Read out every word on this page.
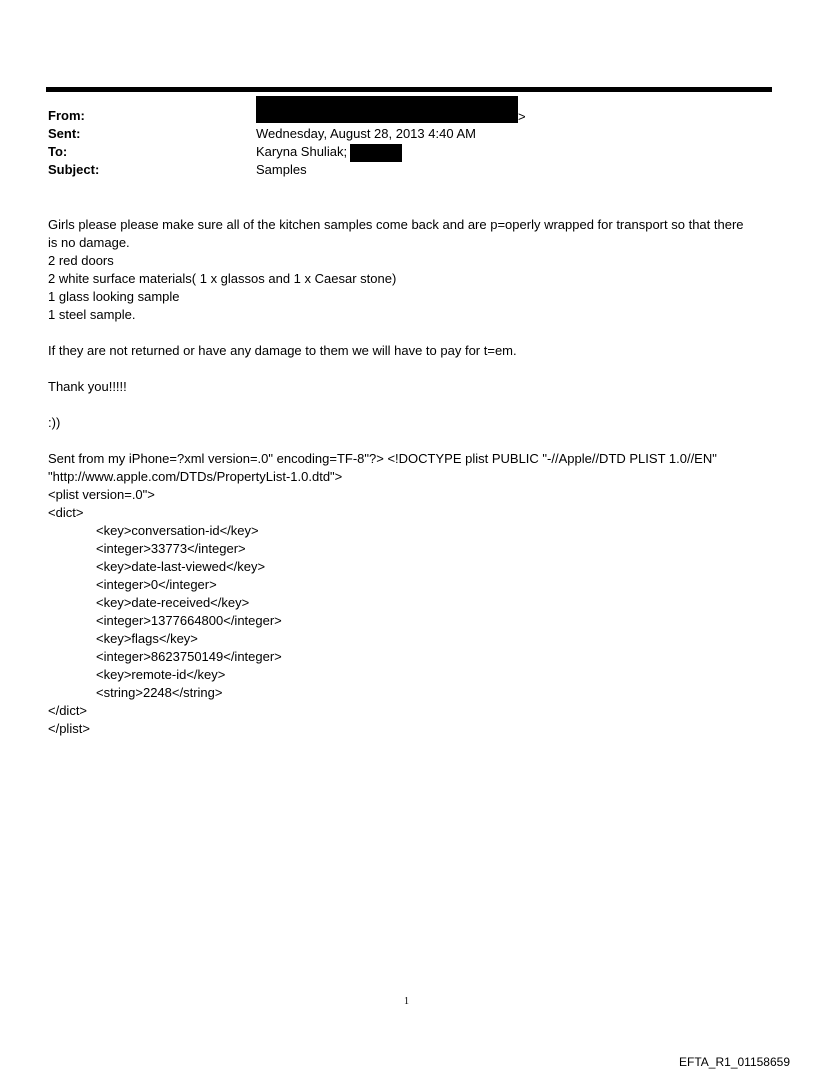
From:	>
Sent:	Wednesday, August 28, 2013 4:40 AM
To:	Karyna Shuliak;
Subject:	Samples

Girls please please make sure all of the kitchen samples come back and are p=operly wrapped for transport so that there

is no damage.

2 red doors

2 white surface materials( 1 x glassos and 1 x Caesar stone)

1 glass looking sample

1 steel sample.

If they are not returned or have any damage to them we will have to pay for t=em.

Thank you!!!!!

:))

Sent from my iPhone=?xml version=.0" encoding=TF-8"?> <!DOCTYPE plist PUBLIC "-//Apple//DTD PLIST 1.0//EN"

"http://www.apple.com/DTDs/PropertyList-1.0.dtd">

<plist version=.0">

<dict>

<key>conversation-id</key>

<integer>33773</integer>

<key>date-last-viewed</key>

<integer>0</integer>

<key>date-received</key>

<integer>1377664800</integer>

<key>flags</key>

<integer>8623750149</integer>

<key>remote-id</key>

<string>2248</string>

</dict>

</plist>

1
EFTA_R1_01158659
